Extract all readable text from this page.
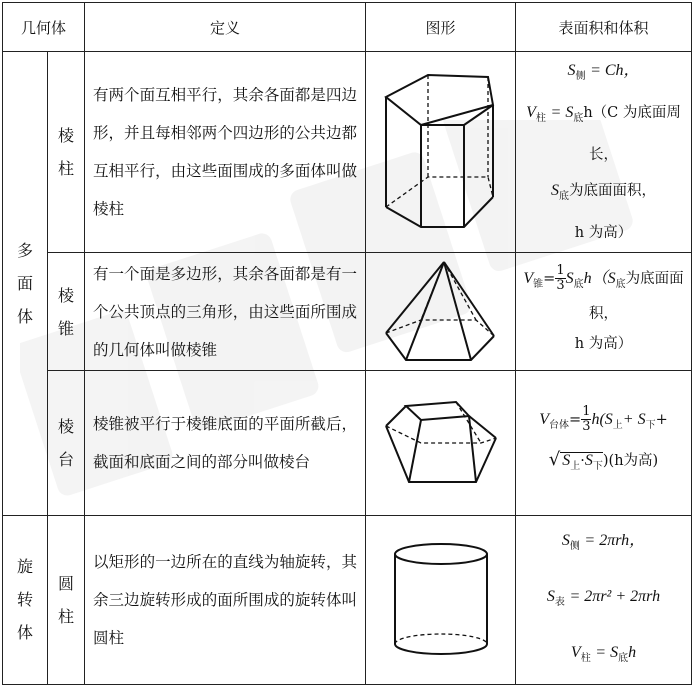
几何体		定义	图形	表面积和体积

多面体	棱柱	有两个面互相平行，其余各面都是四边形，并且每相邻两个四边形的公共边都互相平行，由这些面围成的多面体叫做棱柱		$S_侧 = Ch$，
$V_柱 = S_底h(C$ 为底面周长，
$S_底$为底面面积，
h 为高）

	棱锥	有一个面是多边形，其余各面都是有一个公共顶点的三角形，由这些面所围成的几何体叫做棱锥		$V_锥= \frac{1}{3} S_底h(S_底$为底面面积，
h 为高）

	棱台	棱锥被平行于棱锥底面的平面所截后，截面和底面之间的部分叫做棱台		$V_{台体}= \frac{1}{3} h(S_上+ S_下+$
√ $S_上\cdot S_下)(h$为高)

旋转体	圆柱	以矩形的一边所在的直线为轴旋转，其余三边旋转形成的面所围成的旋转体叫圆柱		$S_侧 = 2\pi rh$，
$S_表 = 2\pi r^2 + 2\pi rh$
$V_柱 = S_底h$
